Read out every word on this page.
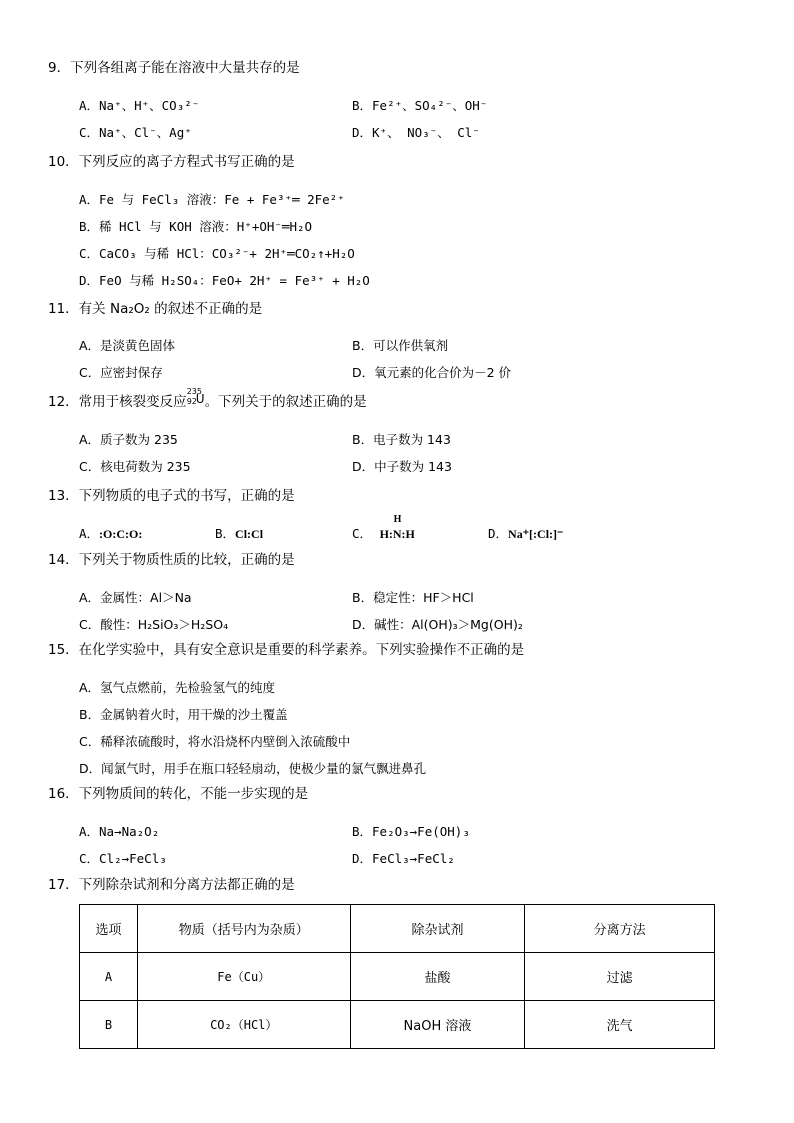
9．下列各组离子能在溶液中大量共存的是
A．Na⁺、H⁺、CO₃²⁻	B．Fe²⁺、SO₄²⁻、OH⁻
C．Na⁺、Cl⁻、Ag⁺	D．K⁺、 NO₃⁻、 Cl⁻
10．下列反应的离子方程式书写正确的是
A．Fe 与 FeCl₃ 溶液：Fe + Fe³⁺═ 2Fe²⁺
B．稀 HCl 与 KOH 溶液：H⁺+OH⁻═H₂O
C．CaCO₃ 与稀 HCl：CO₃²⁻+ 2H⁺═CO₂↑+H₂O
D．FeO 与稀 H₂SO₄：FeO+ 2H⁺ = Fe³⁺ + H₂O
11．有关 Na₂O₂ 的叙述不正确的是
A．是淡黄色固体	B．可以作供氧剂
C．应密封保存	D．氧元素的化合价为－2 价
12．常用于核裂变反应
235
92
U 。下列关于的叙述正确的是
A．质子数为 235	B．电子数为 143
C．核电荷数为 235	D．中子数为 143
13．下列物质的电子式的书写，正确的是
A．:O:C:O:	B．Cl:Cl	C．
H
H:N:H	D．Na⁺[:Cl:]⁻
14．下列关于物质性质的比较，正确的是
A．金属性：Al＞Na	B．稳定性：HF＞HCl
C．酸性：H₂SiO₃＞H₂SO₄	D．碱性：Al(OH)₃＞Mg(OH)₂
15．在化学实验中，具有安全意识是重要的科学素养。下列实验操作不正确的是
A．氢气点燃前，先检验氢气的纯度
B．金属钠着火时，用干燥的沙土覆盖
C．稀释浓硫酸时，将水沿烧杯内壁倒入浓硫酸中
D．闻氯气时，用手在瓶口轻轻扇动，使极少量的氯气飘进鼻孔
16．下列物质间的转化，不能一步实现的是
A．Na→Na₂O₂	B．Fe₂O₃→Fe(OH)₃
C．Cl₂→FeCl₃	D．FeCl₃→FeCl₂
17．下列除杂试剂和分离方法都正确的是
选项	物质（括号内为杂质）	除杂试剂	分离方法
A	Fe（Cu）	盐酸	过滤
B	CO₂（HCl）	NaOH 溶液	洗气
